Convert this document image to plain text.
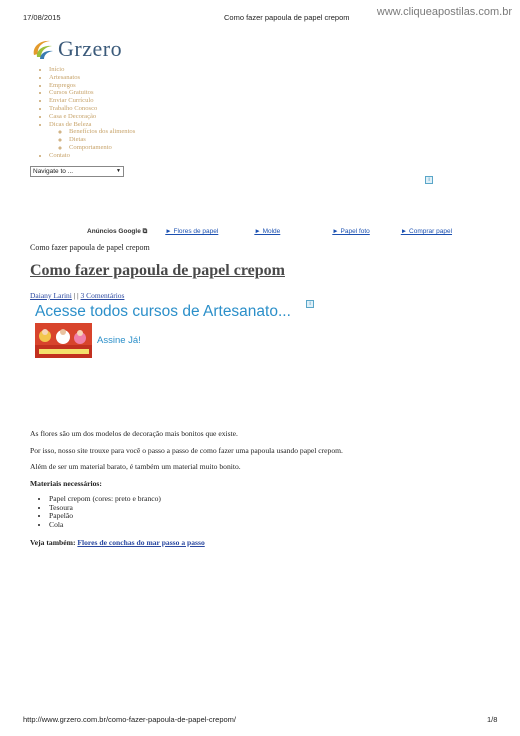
17/08/2015	Como fazer papoula de papel crepom www.cliqueapostilas.com.br
Grzero
• Início
• Artesanatos
• Empregos
• Cursos Gratuitos
• Enviar Currículo
• Trabalho Conosco
• Casa e Decoração
• Dicas de Beleza
◦ Benefícios dos alimentos
◦ Dietas
◦ Comportamento
• Contato
Navigate to ...	▼
i
Anúncios Google ⧉	► Flores de papel	► Molde	► Papel foto	► Comprar papel
Como fazer papoula de papel crepom
Como fazer papoula de papel crepom
Daiany Larini | | 3 Comentários
i
Acesse todos cursos de Artesanato...
Assine Já!
As flores são um dos modelos de decoração mais bonitos que existe.
Por isso, nosso site trouxe para você o passo a passo de como fazer uma papoula usando papel crepom.
Além de ser um material barato, é também um material muito bonito.
Materiais necessários:
• Papel crepom (cores: preto e branco)
• Tesoura
• Papelão
• Cola
Veja também: Flores de conchas do mar passo a passo
http://www.grzero.com.br/como-fazer-papoula-de-papel-crepom/	1/8
